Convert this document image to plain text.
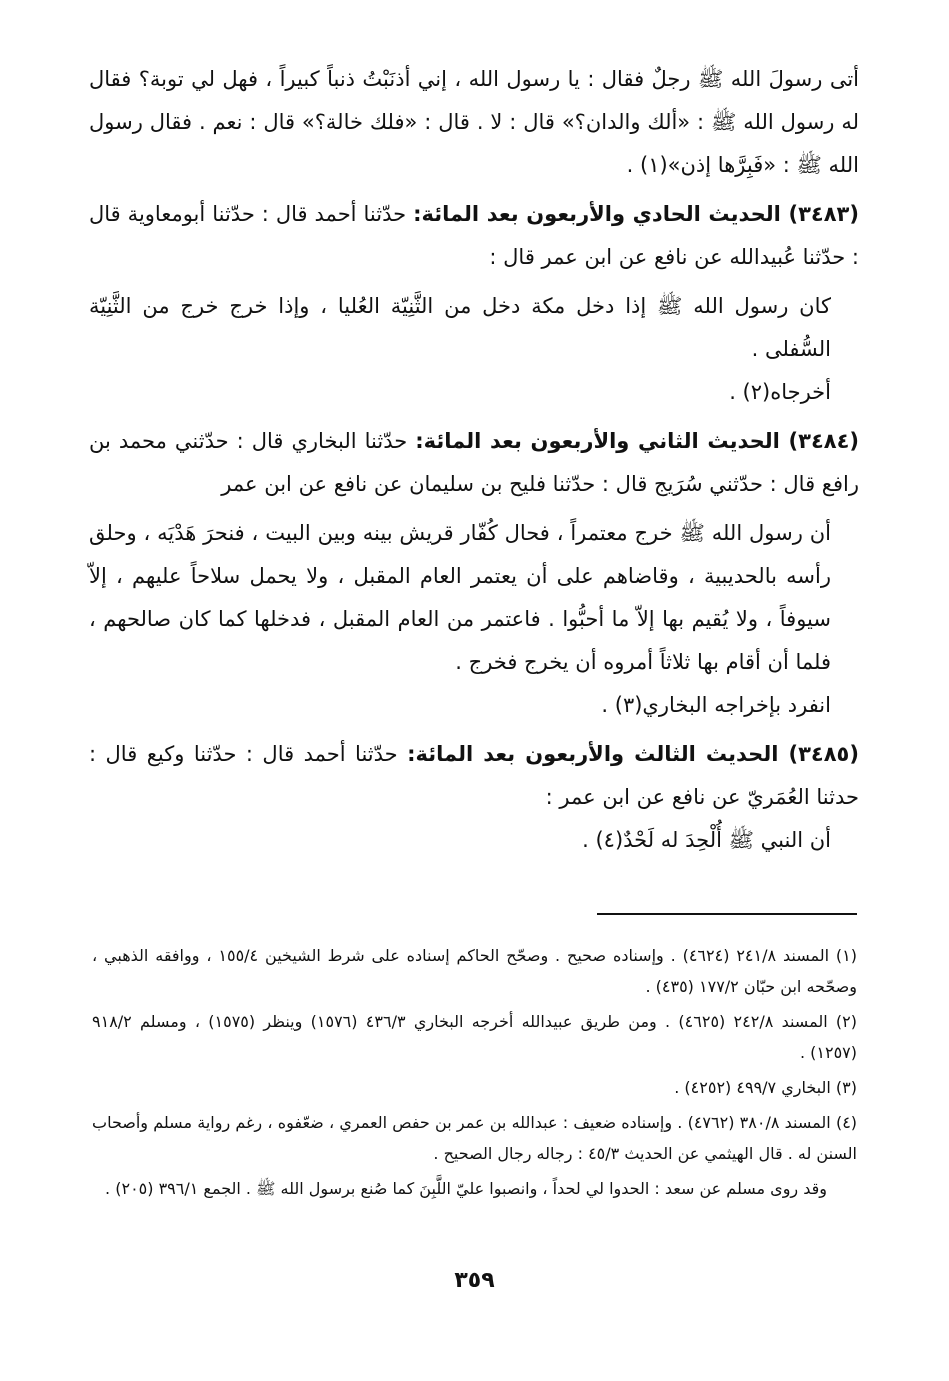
أتى رسولَ الله ﷺ رجلٌ فقال : يا رسول الله ، إني أذنَبْتُ ذنباً كبيراً ، فهل لي توبة؟ فقال له رسول الله ﷺ : «ألك والدان؟» قال : لا . قال : «فلك خالة؟» قال : نعم . فقال رسول الله ﷺ : «فَبِرَّها إذن»(١) .

(٣٤٨٣) الحديث الحادي والأربعون بعد المائة: حدّثنا أحمد قال : حدّثنا أبومعاوية قال : حدّثنا عُبيدالله عن نافع عن ابن عمر قال :

كان رسول الله ﷺ إذا دخل مكة دخل من الثَّنِيّة العُليا ، وإذا خرج خرج من الثَّنِيّة السُّفلى .

أخرجاه(٢) .

(٣٤٨٤) الحديث الثاني والأربعون بعد المائة: حدّثنا البخاري قال : حدّثني محمد بن رافع قال : حدّثني سُرَيج قال : حدّثنا فليح بن سليمان عن نافع عن ابن عمر

أن رسول الله ﷺ خرج معتمراً ، فحال كُفّار قريش بينه وبين البيت ، فنحرَ هَدْيَه ، وحلق رأسه بالحديبية ، وقاضاهم على أن يعتمر العام المقبل ، ولا يحمل سلاحاً عليهم ، إلاّ سيوفاً ، ولا يُقيم بها إلاّ ما أحبُّوا . فاعتمر من العام المقبل ، فدخلها كما كان صالحهم ، فلما أن أقام بها ثلاثاً أمروه أن يخرج فخرج .

انفرد بإخراجه البخاري(٣) .

(٣٤٨٥) الحديث الثالث والأربعون بعد المائة: حدّثنا أحمد قال : حدّثنا وكيع قال : حدثنا العُمَريّ عن نافع عن ابن عمر :

أن النبي ﷺ أُلْحِدَ له لَحْدٌ(٤) .

(١) المسند ٢٤١/٨ (٤٦٢٤) . وإسناده صحيح . وصحّح الحاكم إسناده على شرط الشيخين ١٥٥/٤ ، ووافقه الذهبي ، وصحّحه ابن حبّان ١٧٧/٢ (٤٣٥) .

(٢) المسند ٢٤٢/٨ (٤٦٢٥) . ومن طريق عبيدالله أخرجه البخاري ٤٣٦/٣ (١٥٧٦) وينظر (١٥٧٥) ، ومسلم ٩١٨/٢ (١٢٥٧) .

(٣) البخاري ٤٩٩/٧ (٤٢٥٢) .

(٤) المسند ٣٨٠/٨ (٤٧٦٢) . وإسناده ضعيف : عبدالله بن عمر بن حفص العمري ، ضعّفوه ، رغم رواية مسلم وأصحاب السنن له . قال الهيثمي عن الحديث ٤٥/٣ : رجاله رجال الصحيح .

وقد روى مسلم عن سعد : الحدوا لي لحداً ، وانصبوا عليّ اللَّبِنَ كما صُنع برسول الله ﷺ . الجمع ٣٩٦/١ (٢٠٥) .

٣٥٩
